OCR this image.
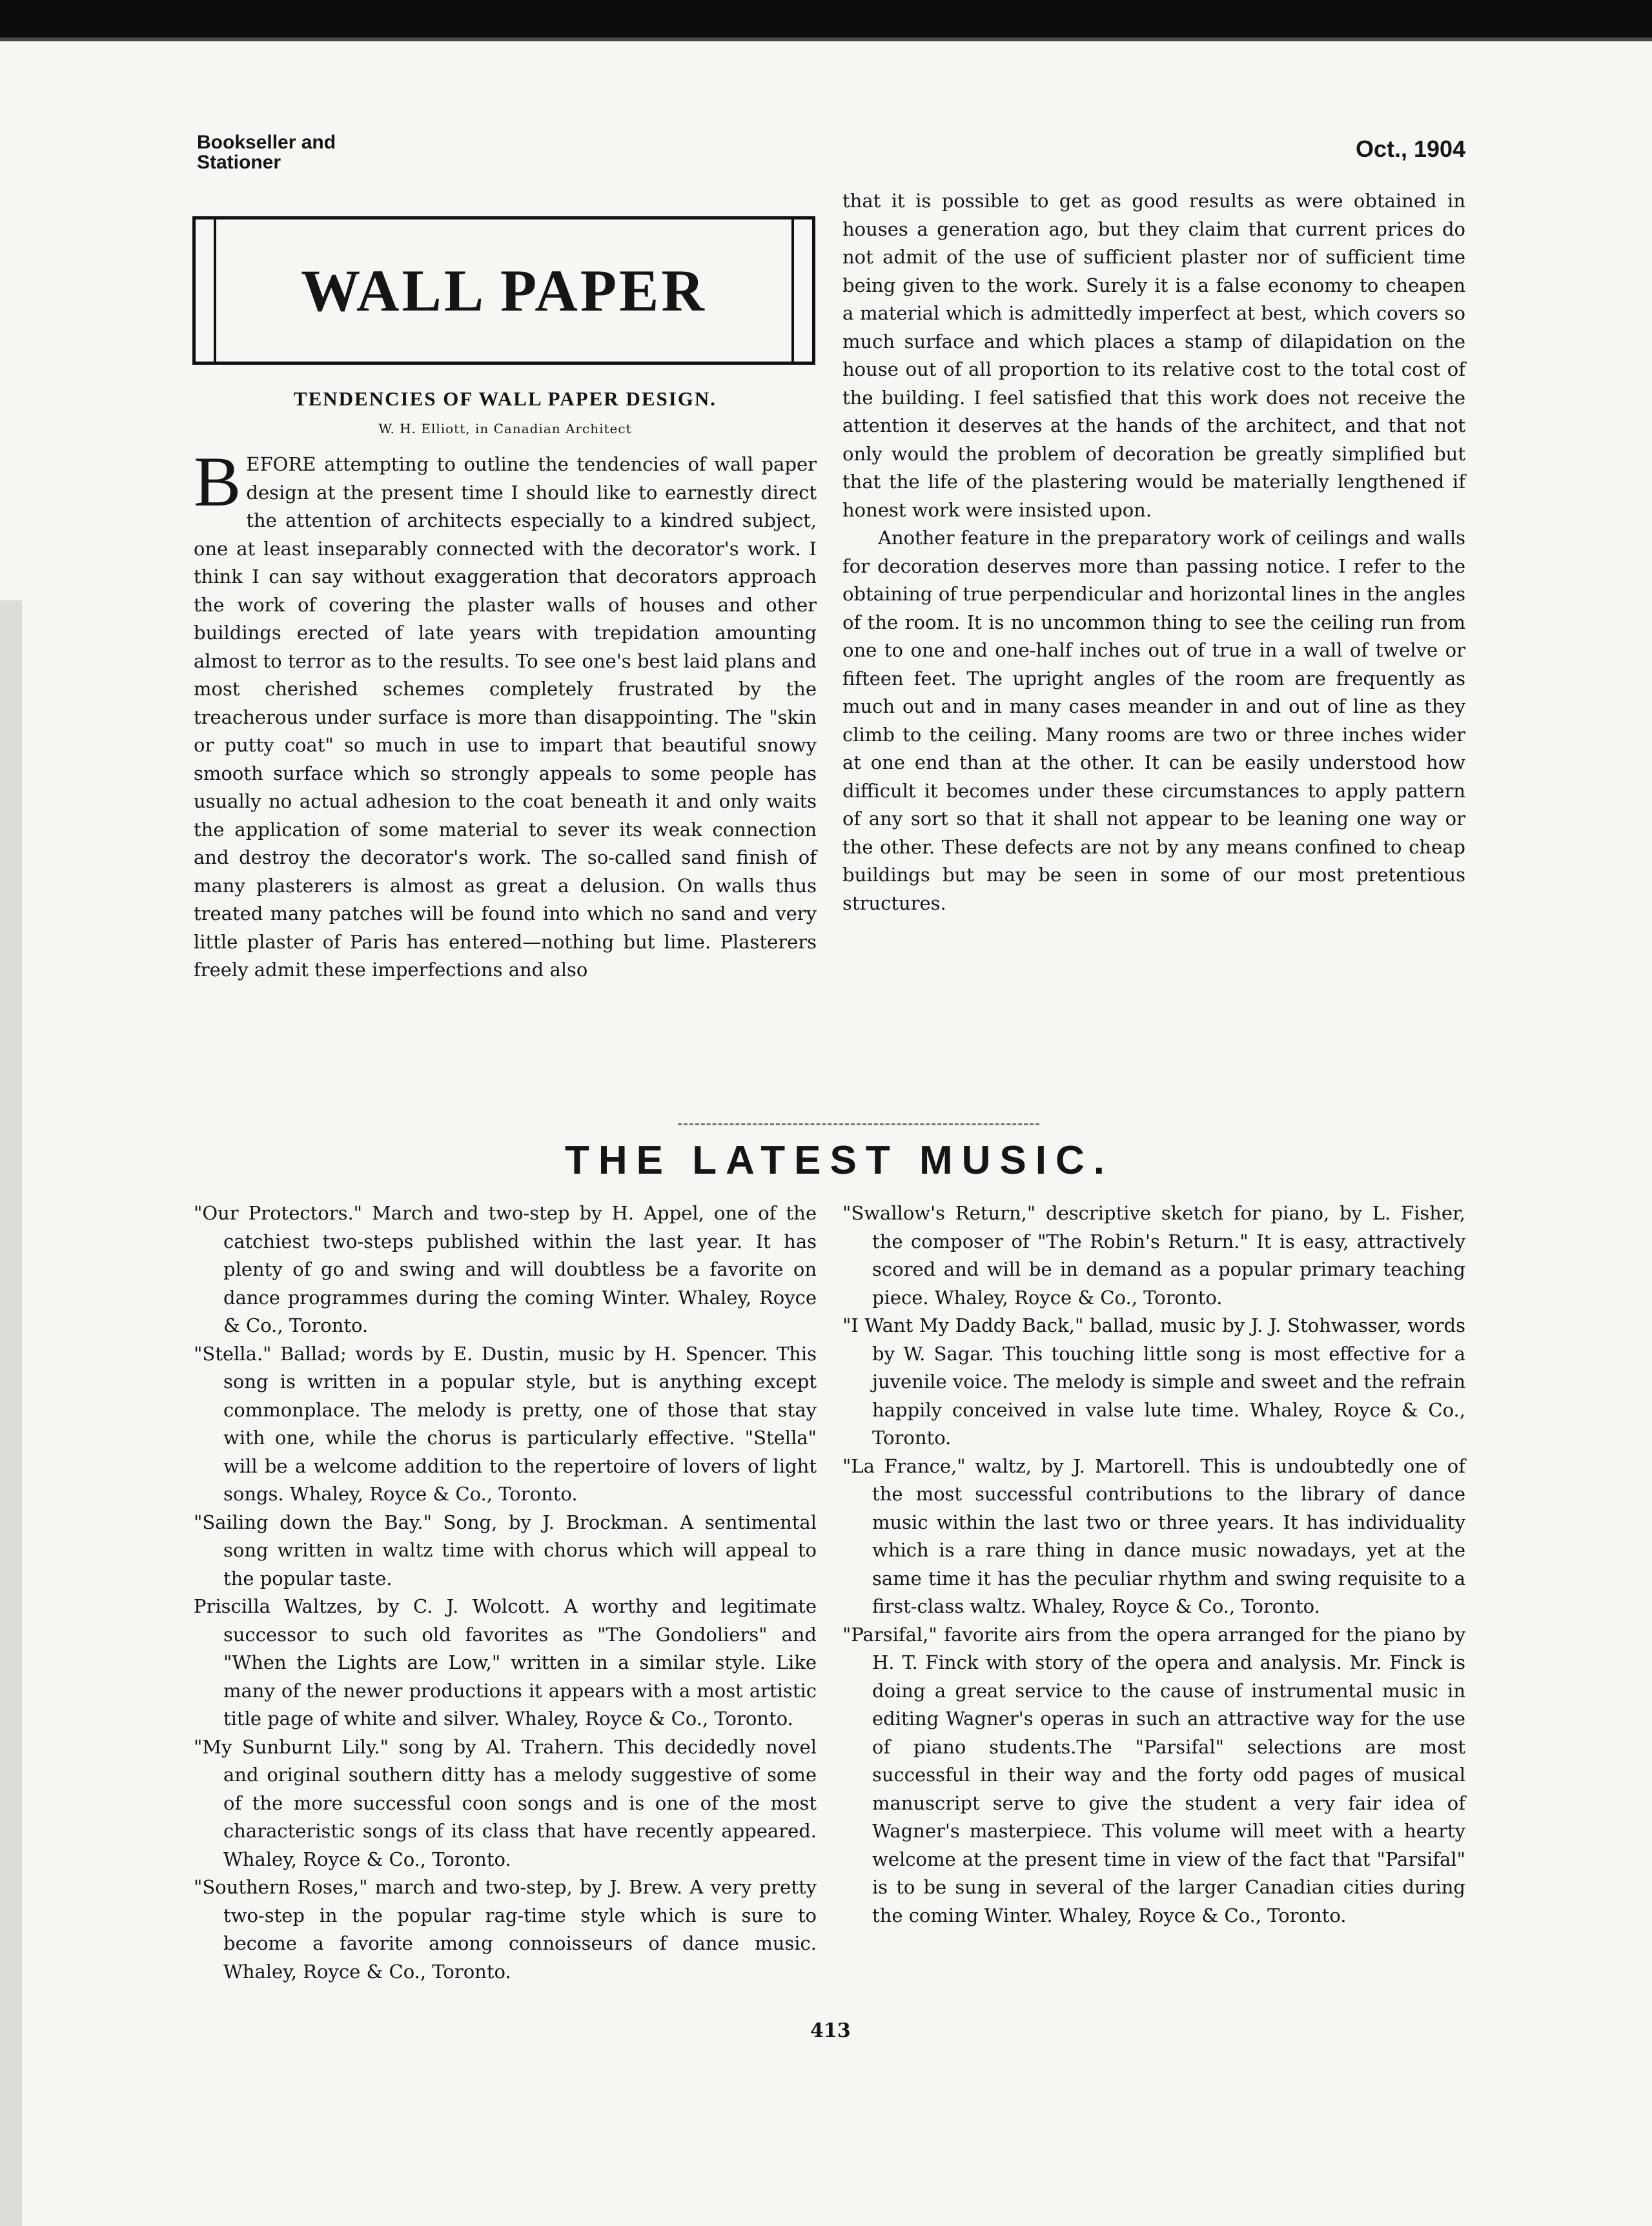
Bookseller and
Stationer
Oct., 1904
WALL PAPER
TENDENCIES OF WALL PAPER DESIGN.
W. H. Elliott, in Canadian Architect

BEFORE attempting to outline the tendencies of wall paper design at the present time I should like to earnestly direct the attention of architects especially to a kindred subject, one at least inseparably connected with the decorator's work. I think I can say without exaggeration that decorators approach the work of covering the plaster walls of houses and other buildings erected of late years with trepidation amounting almost to terror as to the results. To see one's best laid plans and most cherished schemes completely frustrated by the treacherous under surface is more than disappointing. The "skin or putty coat" so much in use to impart that beautiful snowy smooth surface which so strongly appeals to some people has usually no actual adhesion to the coat beneath it and only waits the application of some material to sever its weak connection and destroy the decorator's work. The so-called sand finish of many plasterers is almost as great a delusion. On walls thus treated many patches will be found into which no sand and very little plaster of Paris has entered—nothing but lime. Plasterers freely admit these imperfections and also

that it is possible to get as good results as were obtained in houses a generation ago, but they claim that current prices do not admit of the use of sufficient plaster nor of sufficient time being given to the work. Surely it is a false economy to cheapen a material which is admittedly imperfect at best, which covers so much surface and which places a stamp of dilapidation on the house out of all proportion to its relative cost to the total cost of the building. I feel satisfied that this work does not receive the attention it deserves at the hands of the architect, and that not only would the problem of decoration be greatly simplified but that the life of the plastering would be materially lengthened if honest work were insisted upon.

Another feature in the preparatory work of ceilings and walls for decoration deserves more than passing notice. I refer to the obtaining of true perpendicular and horizontal lines in the angles of the room. It is no uncommon thing to see the ceiling run from one to one and one-half inches out of true in a wall of twelve or fifteen feet. The upright angles of the room are frequently as much out and in many cases meander in and out of line as they climb to the ceiling. Many rooms are two or three inches wider at one end than at the other. It can be easily understood how difficult it becomes under these circumstances to apply pattern of any sort so that it shall not appear to be leaning one way or the other. These defects are not by any means confined to cheap buildings but may be seen in some of our most pretentious structures.

THE LATEST MUSIC.

"Our Protectors." March and two-step by H. Appel, one of the catchiest two-steps published within the last year. It has plenty of go and swing and will doubtless be a favorite on dance programmes during the coming Winter. Whaley, Royce & Co., Toronto.

"Stella." Ballad; words by E. Dustin, music by H. Spencer. This song is written in a popular style, but is anything except commonplace. The melody is pretty, one of those that stay with one, while the chorus is particularly effective. "Stella" will be a welcome addition to the repertoire of lovers of light songs. Whaley, Royce & Co., Toronto.

"Sailing down the Bay." Song, by J. Brockman. A sentimental song written in waltz time with chorus which will appeal to the popular taste.

Priscilla Waltzes, by C. J. Wolcott. A worthy and legitimate successor to such old favorites as "The Gondoliers" and "When the Lights are Low," written in a similar style. Like many of the newer productions it appears with a most artistic title page of white and silver. Whaley, Royce & Co., Toronto.

"My Sunburnt Lily." song by Al. Trahern. This decidedly novel and original southern ditty has a melody suggestive of some of the more successful coon songs and is one of the most characteristic songs of its class that have recently appeared. Whaley, Royce & Co., Toronto.

"Southern Roses," march and two-step, by J. Brew. A very pretty two-step in the popular rag-time style which is sure to become a favorite among connoisseurs of dance music. Whaley, Royce & Co., Toronto.

"Swallow's Return," descriptive sketch for piano, by L. Fisher, the composer of "The Robin's Return." It is easy, attractively scored and will be in demand as a popular primary teaching piece. Whaley, Royce & Co., Toronto.

"I Want My Daddy Back," ballad, music by J. J. Stohwasser, words by W. Sagar. This touching little song is most effective for a juvenile voice. The melody is simple and sweet and the refrain happily conceived in valse lute time. Whaley, Royce & Co., Toronto.

"La France," waltz, by J. Martorell. This is undoubtedly one of the most successful contributions to the library of dance music within the last two or three years. It has individuality which is a rare thing in dance music nowadays, yet at the same time it has the peculiar rhythm and swing requisite to a first-class waltz. Whaley, Royce & Co., Toronto.

"Parsifal," favorite airs from the opera arranged for the piano by H. T. Finck with story of the opera and analysis. Mr. Finck is doing a great service to the cause of instrumental music in editing Wagner's operas in such an attractive way for the use of piano students.The "Parsifal" selections are most successful in their way and the forty odd pages of musical manuscript serve to give the student a very fair idea of Wagner's masterpiece. This volume will meet with a hearty welcome at the present time in view of the fact that "Parsifal" is to be sung in several of the larger Canadian cities during the coming Winter. Whaley, Royce & Co., Toronto.

413
